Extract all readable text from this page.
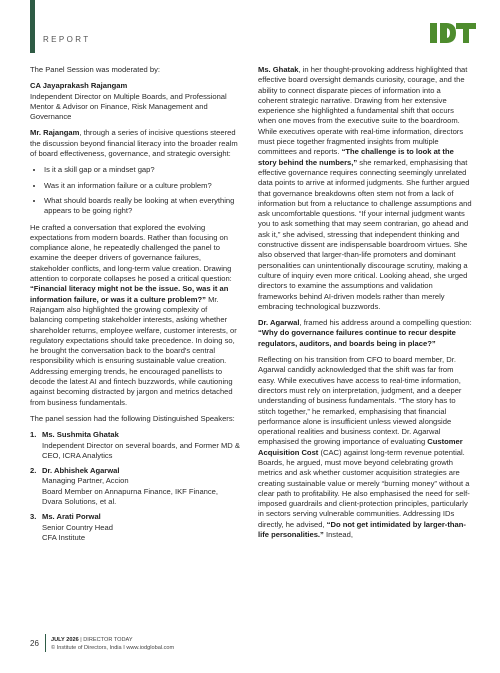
REPORT

The Panel Session was moderated by:

CA Jayaprakash Rajangam
Independent Director on Multiple Boards, and Professional Mentor & Advisor on Finance, Risk Management and Governance

Mr. Rajangam, through a series of incisive questions steered the discussion beyond financial literacy into the broader realm of board effectiveness, governance, and strategic oversight:

• Is it a skill gap or a mindset gap?
• Was it an information failure or a culture problem?
• What should boards really be looking at when everything appears to be going right?

He crafted a conversation that explored the evolving expectations from modern boards. Rather than focusing on compliance alone, he repeatedly challenged the panel to examine the deeper drivers of governance failures, stakeholder conflicts, and long-term value creation. Drawing attention to corporate collapses he posed a critical question: “Financial literacy might not be the issue. So, was it an information failure, or was it a culture problem?” Mr. Rajangam also highlighted the growing complexity of balancing competing stakeholder interests, asking whether shareholder returns, employee welfare, customer interests, or regulatory expectations should take precedence. In doing so, he brought the conversation back to the board's central responsibility which is ensuring sustainable value creation. Addressing emerging trends, he encouraged panellists to decode the latest AI and fintech buzzwords, while cautioning against becoming distracted by jargon and metrics detached from business fundamentals.

The panel session had the following Distinguished Speakers:

1. Ms. Sushmita Ghatak
Independent Director on several boards, and Former MD & CEO, ICRA Analytics
2. Dr. Abhishek Agarwal
Managing Partner, Accion
Board Member on Annapurna Finance, IKF Finance, Dvara Solutions, et al.
3. Ms. Arati Porwal
Senior Country Head
CFA Institute

Ms. Ghatak, in her thought-provoking address highlighted that effective board oversight demands curiosity, courage, and the ability to connect disparate pieces of information into a coherent strategic narrative. Drawing from her extensive experience she highlighted a fundamental shift that occurs when one moves from the executive suite to the boardroom. While executives operate with real-time information, directors must piece together fragmented insights from multiple committees and reports. “The challenge is to look at the story behind the numbers,” she remarked, emphasising that effective governance requires connecting seemingly unrelated data points to arrive at informed judgments. She further argued that governance breakdowns often stem not from a lack of information but from a reluctance to challenge assumptions and ask uncomfortable questions. “If your internal judgment wants you to ask something that may seem contrarian, go ahead and ask it,” she advised, stressing that independent thinking and constructive dissent are indispensable boardroom virtues. She also observed that larger-than-life promoters and dominant personalities can unintentionally discourage scrutiny, making a culture of inquiry even more critical. Looking ahead, she urged directors to examine the assumptions and validation frameworks behind AI-driven models rather than merely embracing technological buzzwords.

Dr. Agarwal, framed his address around a compelling question: “Why do governance failures continue to recur despite regulators, auditors, and boards being in place?”

Reflecting on his transition from CFO to board member, Dr. Agarwal candidly acknowledged that the shift was far from easy. While executives have access to real-time information, directors must rely on interpretation, judgment, and a deeper understanding of business fundamentals. “The story has to stitch together,” he remarked, emphasising that financial performance alone is insufficient unless viewed alongside operational realities and business context. Dr. Agarwal emphasised the growing importance of evaluating Customer Acquisition Cost (CAC) against long-term revenue potential. Boards, he argued, must move beyond celebrating growth metrics and ask whether customer acquisition strategies are creating sustainable value or merely “burning money” without a clear path to profitability. He also emphasised the need for self-imposed guardrails and client-protection principles, particularly in sectors serving vulnerable communities. Addressing IDs directly, he advised, “Do not get intimidated by larger-than-life personalities.” Instead,

26 JULY 2026 | DIRECTOR TODAY
© Institute of Directors, India I www.iodglobal.com
